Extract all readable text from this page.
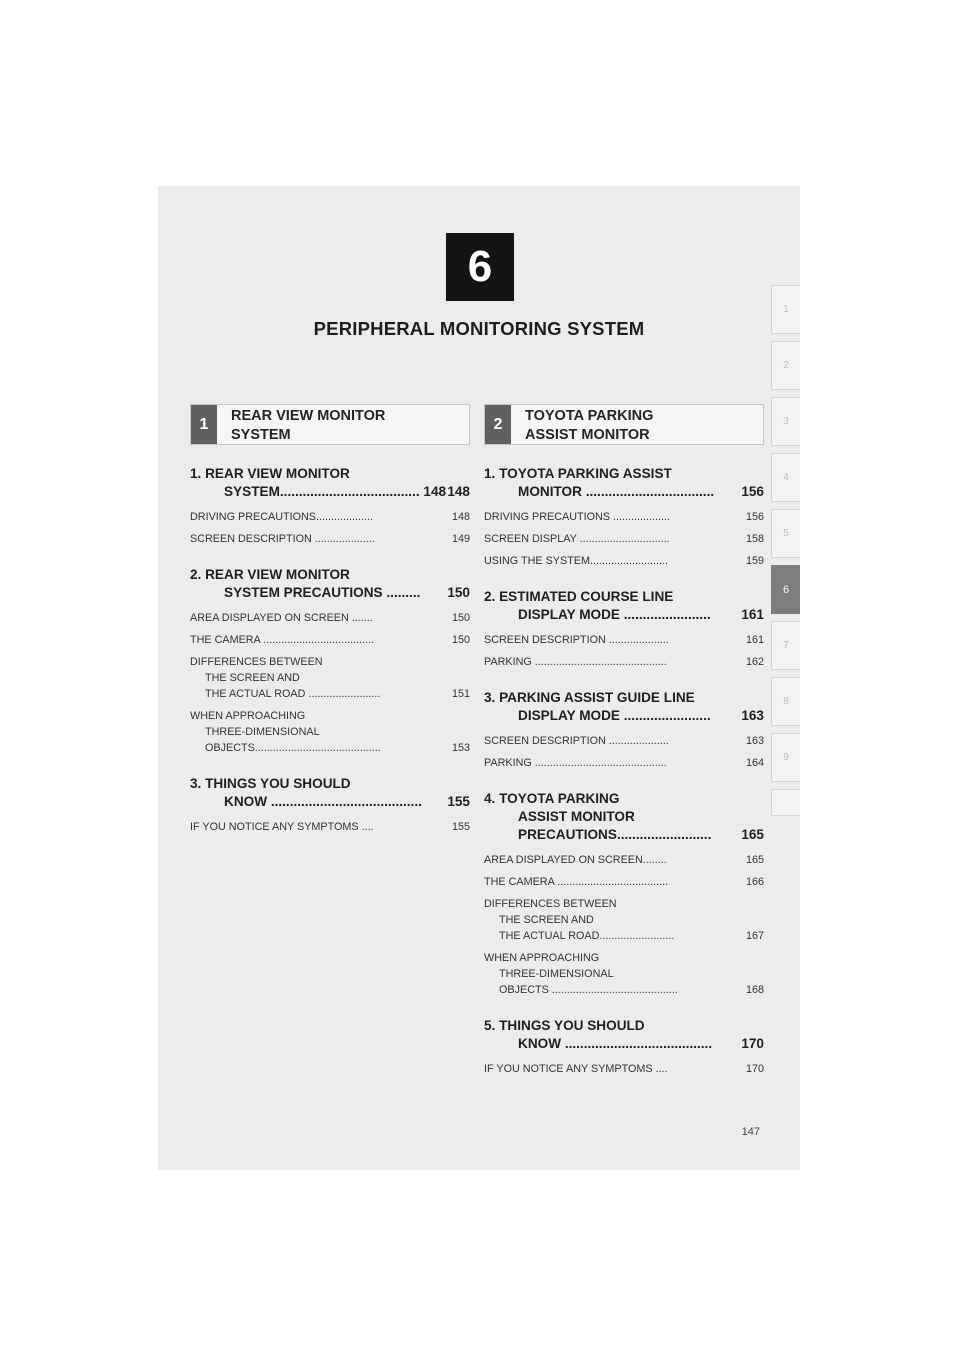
6
PERIPHERAL MONITORING SYSTEM
1
2
3
4
5
6
7
8
9
1	REAR VIEW MONITOR
SYSTEM
1. REAR VIEW MONITOR
SYSTEM..................................... 148 148
DRIVING PRECAUTIONS...................	148
SCREEN DESCRIPTION ....................	149
2. REAR VIEW MONITOR
SYSTEM PRECAUTIONS ......... 150
AREA DISPLAYED ON SCREEN .......	150
THE CAMERA .....................................	150
DIFFERENCES BETWEEN
THE SCREEN AND
THE ACTUAL ROAD ........................	151
WHEN APPROACHING
THREE-DIMENSIONAL
OBJECTS..........................................	153
3. THINGS YOU SHOULD
KNOW ........................................ 155
IF YOU NOTICE ANY SYMPTOMS ....	155
2	TOYOTA PARKING
ASSIST MONITOR
1. TOYOTA PARKING ASSIST
MONITOR .................................. 156
DRIVING PRECAUTIONS ...................	156
SCREEN DISPLAY ..............................	158
USING THE SYSTEM..........................	159
2. ESTIMATED COURSE LINE
DISPLAY MODE ....................... 161
SCREEN DESCRIPTION ....................	161
PARKING ............................................	162
3. PARKING ASSIST GUIDE LINE
DISPLAY MODE ....................... 163
SCREEN DESCRIPTION ....................	163
PARKING ............................................	164
4. TOYOTA PARKING
ASSIST MONITOR
PRECAUTIONS......................... 165
AREA DISPLAYED ON SCREEN........	165
THE CAMERA .....................................	166
DIFFERENCES BETWEEN
THE SCREEN AND
THE ACTUAL ROAD.........................	167
WHEN APPROACHING
THREE-DIMENSIONAL
OBJECTS ..........................................	168
5. THINGS YOU SHOULD
KNOW ....................................... 170
IF YOU NOTICE ANY SYMPTOMS ....	170
147
